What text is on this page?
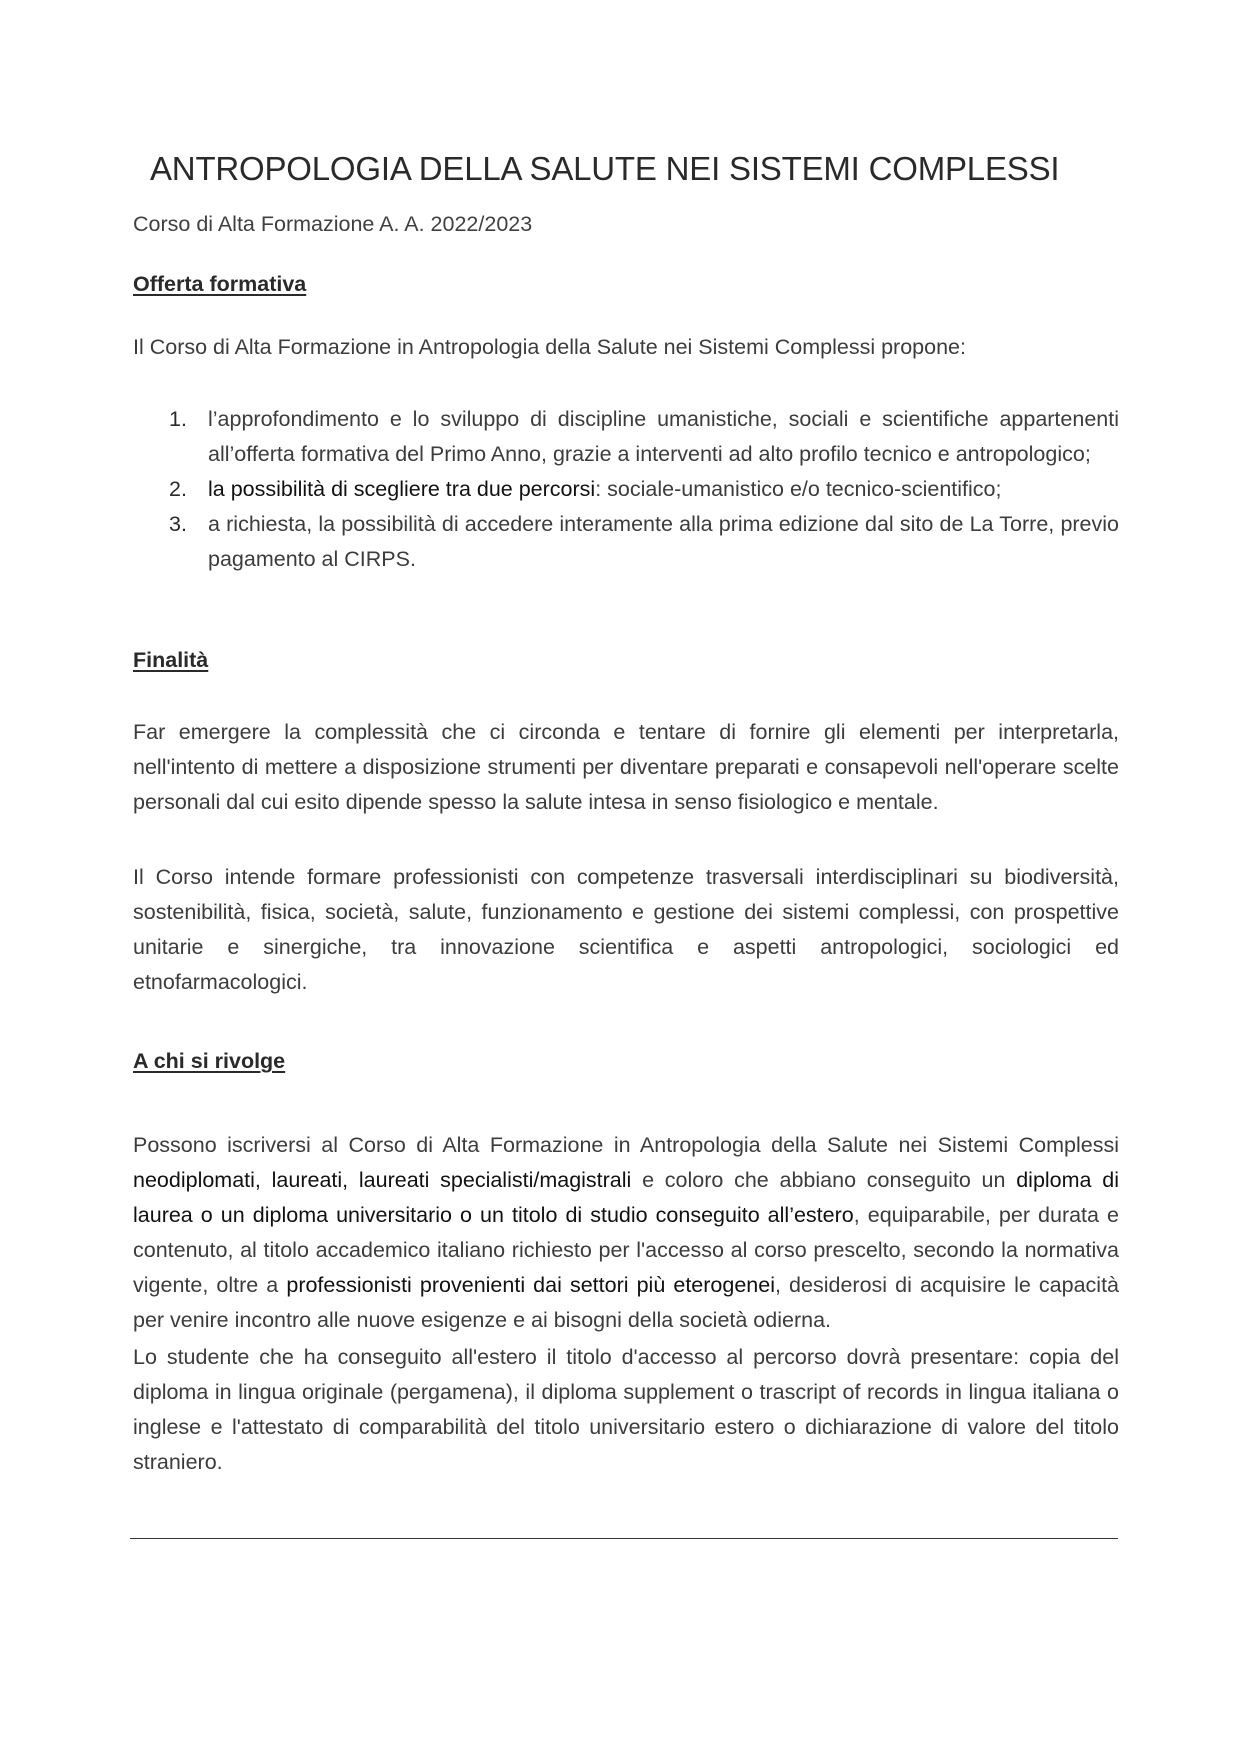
ANTROPOLOGIA DELLA SALUTE NEI SISTEMI COMPLESSI

Corso di Alta Formazione A. A. 2022/2023

Offerta formativa

Il Corso di Alta Formazione in Antropologia della Salute nei Sistemi Complessi propone:

1. l’approfondimento e lo sviluppo di discipline umanistiche, sociali e scientifiche appartenenti all’offerta formativa del Primo Anno, grazie a interventi ad alto profilo tecnico e antropologico;
2. la possibilità di scegliere tra due percorsi: sociale-umanistico e/o tecnico-scientifico;
3. a richiesta, la possibilità di accedere interamente alla prima edizione dal sito de La Torre, previo pagamento al CIRPS.
Finalità

Far emergere la complessità che ci circonda e tentare di fornire gli elementi per interpretarla, nell'intento di mettere a disposizione strumenti per diventare preparati e consapevoli nell'operare scelte personali dal cui esito dipende spesso la salute intesa in senso fisiologico e mentale.

Il Corso intende formare professionisti con competenze trasversali interdisciplinari su biodiversità, sostenibilità, fisica, società, salute, funzionamento e gestione dei sistemi complessi, con prospettive unitarie e sinergiche, tra innovazione scientifica e aspetti antropologici, sociologici ed etnofarmacologici.

A chi si rivolge

Possono iscriversi al Corso di Alta Formazione in Antropologia della Salute nei Sistemi Complessi neodiplomati, laureati, laureati specialisti/magistrali e coloro che abbiano conseguito un diploma di laurea o un diploma universitario o un titolo di studio conseguito all’estero, equiparabile, per durata e contenuto, al titolo accademico italiano richiesto per l'accesso al corso prescelto, secondo la normativa vigente, oltre a professionisti provenienti dai settori più eterogenei, desiderosi di acquisire le capacità per venire incontro alle nuove esigenze e ai bisogni della società odierna.

Lo studente che ha conseguito all'estero il titolo d'accesso al percorso dovrà presentare: copia del diploma in lingua originale (pergamena), il diploma supplement o trascript of records in lingua italiana o inglese e l'attestato di comparabilità del titolo universitario estero o dichiarazione di valore del titolo straniero.
